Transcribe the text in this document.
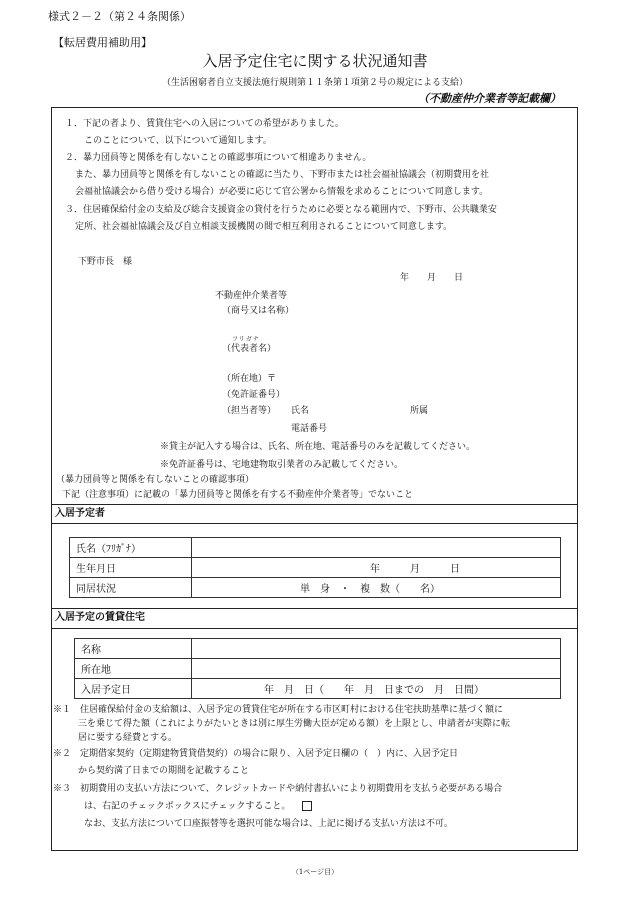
様式２－２（第２４条関係）
【転居費用補助用】
入居予定住宅に関する状況通知書
（生活困窮者自立支援法施行規則第１１条第１項第２号の規定による支給）
（不動産仲介業者等記載欄）
１．下記の者より、賃貸住宅への入居についての希望がありました。
このことについて、以下について通知します。
２．暴力団員等と関係を有しないことの確認事項について相違ありません。
また、暴力団員等と関係を有しないことの確認に当たり、下野市または社会福祉協議会（初期費用を社
会福祉協議会から借り受ける場合）が必要に応じて官公署から情報を求めることについて同意します。
３．住居確保給付金の支給及び総合支援資金の貸付を行うために必要となる範囲内で、下野市、公共職業安
定所、社会福祉協議会及び自立相談支援機関の間で相互利用されることについて同意します。
下野市長　様
年　　月　　日
不動産仲介業者等
（商号又は名称）
フリガナ
（代表者名）
（所在地）〒
（免許証番号）
（担当者等） 氏名	所属
電話番号
※貸主が記入する場合は、氏名、所在地、電話番号のみを記載してください。
※免許証番号は、宅地建物取引業者のみ記載してください。
（暴力団員等と関係を有しないことの確認事項）
下記（注意事項）に記載の「暴力団員等と関係を有する不動産仲介業者等」でないこと
入居予定者
氏名（ﾌﾘｶﾞﾅ）	
生年月日	年　　　月　　　日
同居状況	単　身　・　複　数（　　名）
入居予定の賃貸住宅
名称	
所在地	
入居予定日	年　月　日（　　年　月　日までの　月　日間）
※１　住居確保給付金の支給額は、入居予定の賃貸住宅が所在する市区町村における住宅扶助基準に基づく額に
三を乗じて得た額（これによりがたいときは別に厚生労働大臣が定める額）を上限とし、申請者が実際に転
居に要する経費とする。
※２　定期借家契約（定期建物賃貸借契約）の場合に限り、入居予定日欄の（　）内に、入居予定日
から契約満了日までの期間を記載すること
※３　初期費用の支払い方法について、クレジットカードや納付書払いにより初期費用を支払う必要がある場合
は、右記のチェックボックスにチェックすること。
なお、支払方法について口座振替等を選択可能な場合は、上記に掲げる支払い方法は不可。
（1ページ目）
